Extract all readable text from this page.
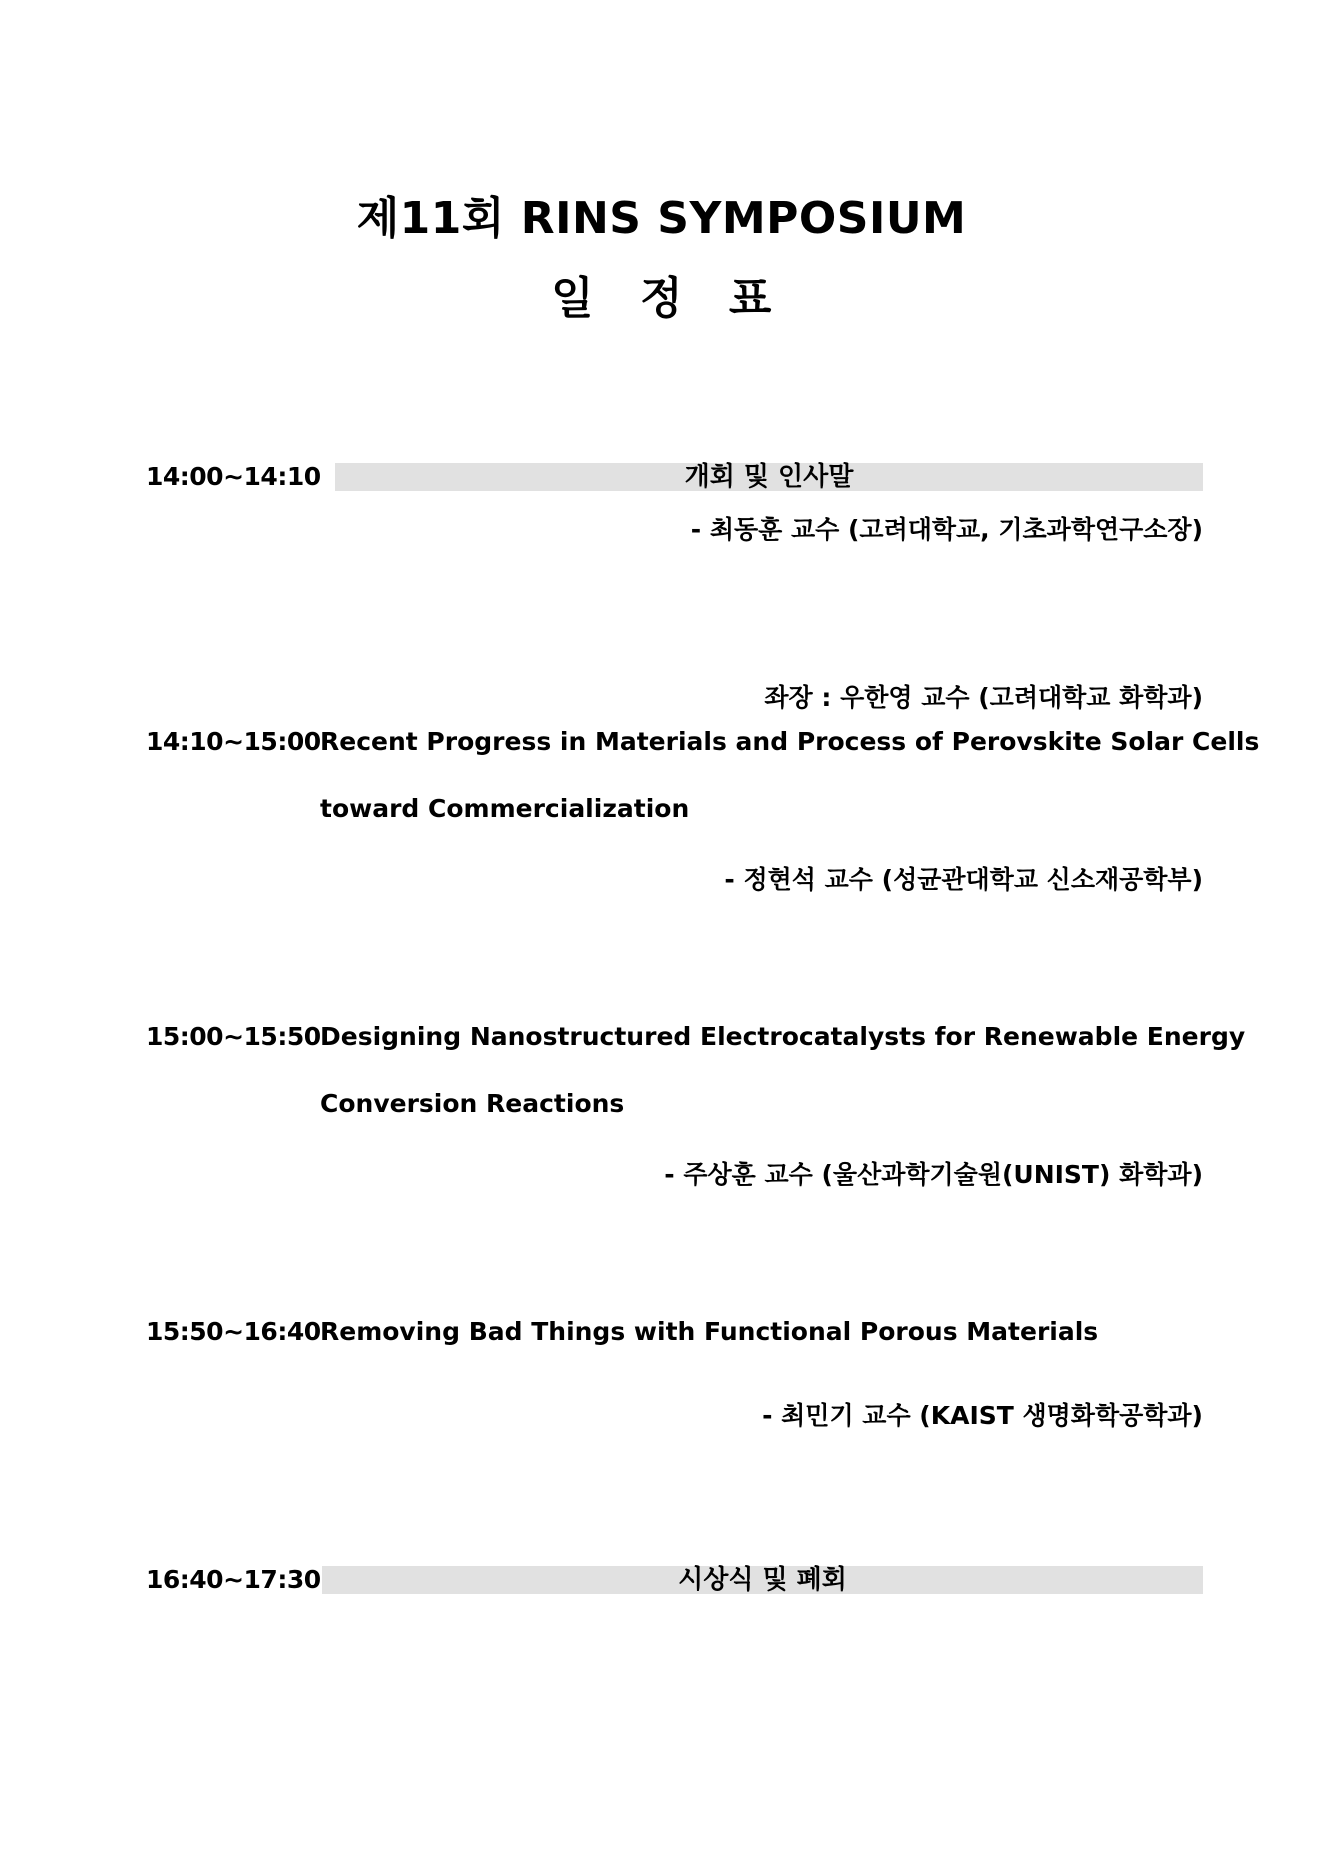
제11회 RINS SYMPOSIUM
일 정 표
14:00~14:10	개회 및 인사말
- 최동훈 교수 (고려대학교, 기초과학연구소장)
좌장 : 우한영 교수 (고려대학교 화학과)
14:10~15:00 Recent Progress in Materials and Process of Perovskite Solar Cells
toward Commercialization
- 정현석 교수 (성균관대학교 신소재공학부)
15:00~15:50 Designing Nanostructured Electrocatalysts for Renewable Energy
Conversion Reactions
- 주상훈 교수 (울산과학기술원(UNIST) 화학과)
15:50~16:40 Removing Bad Things with Functional Porous Materials
- 최민기 교수 (KAIST 생명화학공학과)
16:40~17:30	시상식 및 폐회
